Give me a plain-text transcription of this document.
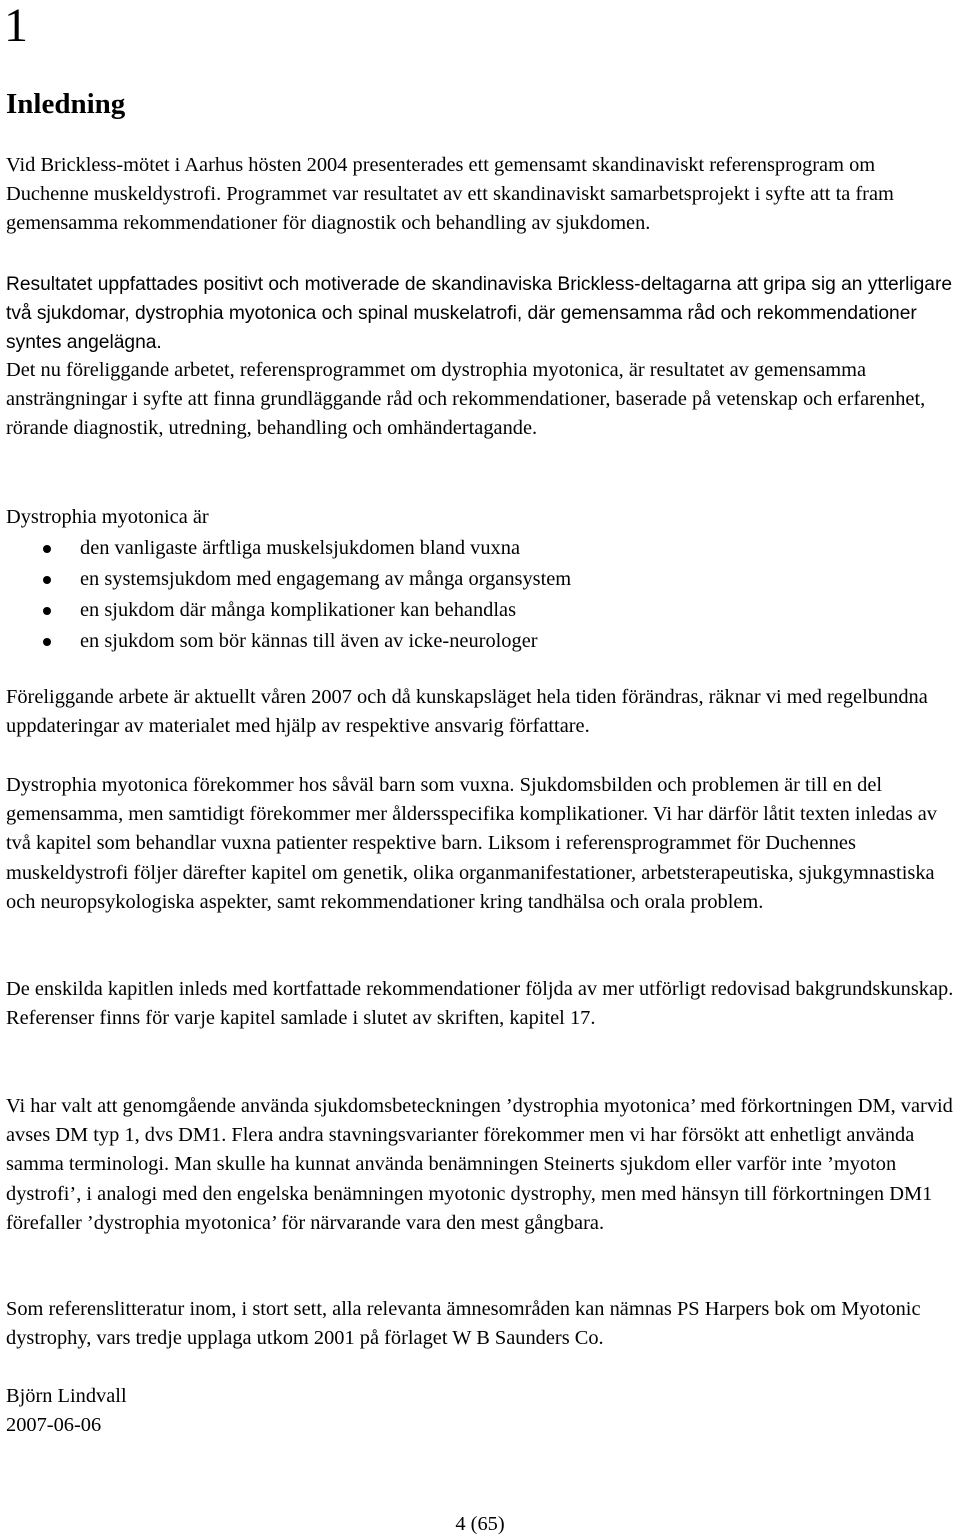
1
Inledning

Vid Brickless-mötet i Aarhus hösten 2004 presenterades ett gemensamt skandinaviskt referensprogram om Duchenne muskeldystrofi. Programmet var resultatet av ett skandinaviskt samarbetsprojekt i syfte att ta fram gemensamma rekommendationer för diagnostik och behandling av sjukdomen.

Resultatet uppfattades positivt och motiverade de skandinaviska Brickless-deltagarna att gripa sig an ytterligare två sjukdomar, dystrophia myotonica och spinal muskelatrofi, där gemensamma råd och rekommendationer syntes angelägna.

Det nu föreliggande arbetet, referensprogrammet om dystrophia myotonica, är resultatet av gemensamma ansträngningar i syfte att finna grundläggande råd och rekommendationer, baserade på vetenskap och erfarenhet, rörande diagnostik, utredning, behandling och omhändertagande.

Dystrophia myotonica är

den vanligaste ärftliga muskelsjukdomen bland vuxna
en systemsjukdom med engagemang av många organsystem
en sjukdom där många komplikationer kan behandlas
en sjukdom som bör kännas till även av icke-neurologer

Föreliggande arbete är aktuellt våren 2007 och då kunskapsläget hela tiden förändras, räknar vi med regelbundna uppdateringar av materialet med hjälp av respektive ansvarig författare.

Dystrophia myotonica förekommer hos såväl barn som vuxna. Sjukdomsbilden och problemen är till en del gemensamma, men samtidigt förekommer mer åldersspecifika komplikationer. Vi har därför låtit texten inledas av två kapitel som behandlar vuxna patienter respektive barn. Liksom i referensprogrammet för Duchennes muskeldystrofi följer därefter kapitel om genetik, olika organmanifestationer, arbetsterapeutiska, sjukgymnastiska och neuropsykologiska aspekter, samt rekommendationer kring tandhälsa och orala problem.

De enskilda kapitlen inleds med kortfattade rekommendationer följda av mer utförligt redovisad bakgrundskunskap. Referenser finns för varje kapitel samlade i slutet av skriften, kapitel 17.

Vi har valt att genomgående använda sjukdomsbeteckningen ’dystrophia myotonica’ med förkortningen DM, varvid avses DM typ 1, dvs DM1. Flera andra stavningsvarianter förekommer men vi har försökt att enhetligt använda samma terminologi. Man skulle ha kunnat använda benämningen Steinerts sjukdom eller varför inte ’myoton dystrofi’, i analogi med den engelska benämningen myotonic dystrophy, men med hänsyn till förkortningen DM1 förefaller ’dystrophia myotonica’ för närvarande vara den mest gångbara.

Som referenslitteratur inom, i stort sett, alla relevanta ämnesområden kan nämnas PS Harpers bok om Myotonic dystrophy, vars tredje upplaga utkom 2001 på förlaget W B Saunders Co.

Björn Lindvall

2007-06-06

4 (65)
